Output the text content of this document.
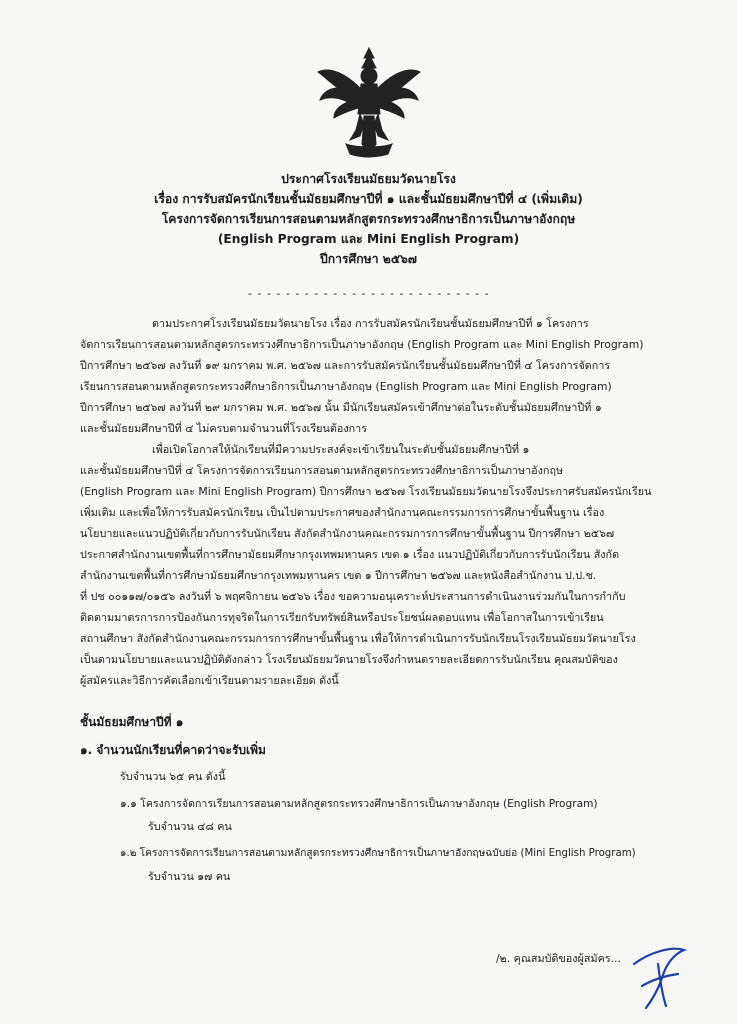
ประกาศโรงเรียนมัธยมวัดนายโรง
เรื่อง การรับสมัครนักเรียนชั้นมัธยมศึกษาปีที่ ๑ และชั้นมัธยมศึกษาปีที่ ๔ (เพิ่มเติม)
โครงการจัดการเรียนการสอนตามหลักสูตรกระทรวงศึกษาธิการเป็นภาษาอังกฤษ
(English Program และ Mini English Program)
ปีการศึกษา ๒๕๖๗
- - - - - - - - - - - - - - - - - - - - - - - - - -
ตามประกาศโรงเรียนมัธยมวัดนายโรง เรื่อง การรับสมัครนักเรียนชั้นมัธยมศึกษาปีที่ ๑ โครงการ
จัดการเรียนการสอนตามหลักสูตรกระทรวงศึกษาธิการเป็นภาษาอังกฤษ (English Program และ Mini English Program)
ปีการศึกษา ๒๕๖๗ ลงวันที่ ๑๙ มกราคม พ.ศ. ๒๕๖๗ และการรับสมัครนักเรียนชั้นมัธยมศึกษาปีที่ ๔ โครงการจัดการ
เรียนการสอนตามหลักสูตรกระทรวงศึกษาธิการเป็นภาษาอังกฤษ (English Program และ Mini English Program)
ปีการศึกษา ๒๕๖๗ ลงวันที่ ๒๙ มกราคม พ.ศ. ๒๕๖๗ นั้น มีนักเรียนสมัครเข้าศึกษาต่อในระดับชั้นมัธยมศึกษาปีที่ ๑
และชั้นมัธยมศึกษาปีที่ ๔ ไม่ครบตามจำนวนที่โรงเรียนต้องการ
เพื่อเปิดโอกาสให้นักเรียนที่มีความประสงค์จะเข้าเรียนในระดับชั้นมัธยมศึกษาปีที่ ๑
และชั้นมัธยมศึกษาปีที่ ๔ โครงการจัดการเรียนการสอนตามหลักสูตรกระทรวงศึกษาธิการเป็นภาษาอังกฤษ
(English Program และ Mini English Program) ปีการศึกษา ๒๕๖๗ โรงเรียนมัธยมวัดนายโรงจึงประกาศรับสมัครนักเรียน
เพิ่มเติม และเพื่อให้การรับสมัครนักเรียน เป็นไปตามประกาศของสำนักงานคณะกรรมการการศึกษาขั้นพื้นฐาน เรื่อง
นโยบายและแนวปฏิบัติเกี่ยวกับการรับนักเรียน สังกัดสำนักงานคณะกรรมการการศึกษาขั้นพื้นฐาน ปีการศึกษา ๒๕๖๗
ประกาศสำนักงานเขตพื้นที่การศึกษามัธยมศึกษากรุงเทพมหานคร เขต ๑ เรื่อง แนวปฏิบัติเกี่ยวกับการรับนักเรียน สังกัด
สำนักงานเขตพื้นที่การศึกษามัธยมศึกษากรุงเทพมหานคร เขต ๑ ปีการศึกษา ๒๕๖๗ และหนังสือสำนักงาน ป.ป.ช.
ที่ ปช ๐๐๑๑๗/๐๑๕๖ ลงวันที่ ๖ พฤศจิกายน ๒๕๖๖ เรื่อง ขอความอนุเคราะห์ประสานการดำเนินงานร่วมกันในการกำกับ
ติดตามมาตรการการป้องกันการทุจริตในการเรียกรับทรัพย์สินหรือประโยชน์ผลตอบแทน เพื่อโอกาสในการเข้าเรียน
สถานศึกษา สังกัดสำนักงานคณะกรรมการการศึกษาขั้นพื้นฐาน เพื่อให้การดำเนินการรับนักเรียนโรงเรียนมัธยมวัดนายโรง
เป็นตามนโยบายและแนวปฏิบัติดังกล่าว โรงเรียนมัธยมวัดนายโรงจึงกำหนดรายละเอียดการรับนักเรียน คุณสมบัติของ
ผู้สมัครและวิธีการคัดเลือกเข้าเรียนตามรายละเอียด ดังนี้
ชั้นมัธยมศึกษาปีที่ ๑
๑. จำนวนนักเรียนที่คาดว่าจะรับเพิ่ม
รับจำนวน ๖๕ คน ดังนี้
๑.๑ โครงการจัดการเรียนการสอนตามหลักสูตรกระทรวงศึกษาธิการเป็นภาษาอังกฤษ (English Program)
รับจำนวน ๔๘ คน
๑.๒ โครงการจัดการเรียนการสอนตามหลักสูตรกระทรวงศึกษาธิการเป็นภาษาอังกฤษฉบับย่อ (Mini English Program)
รับจำนวน ๑๗ คน
/๒. คุณสมบัติของผู้สมัคร...
